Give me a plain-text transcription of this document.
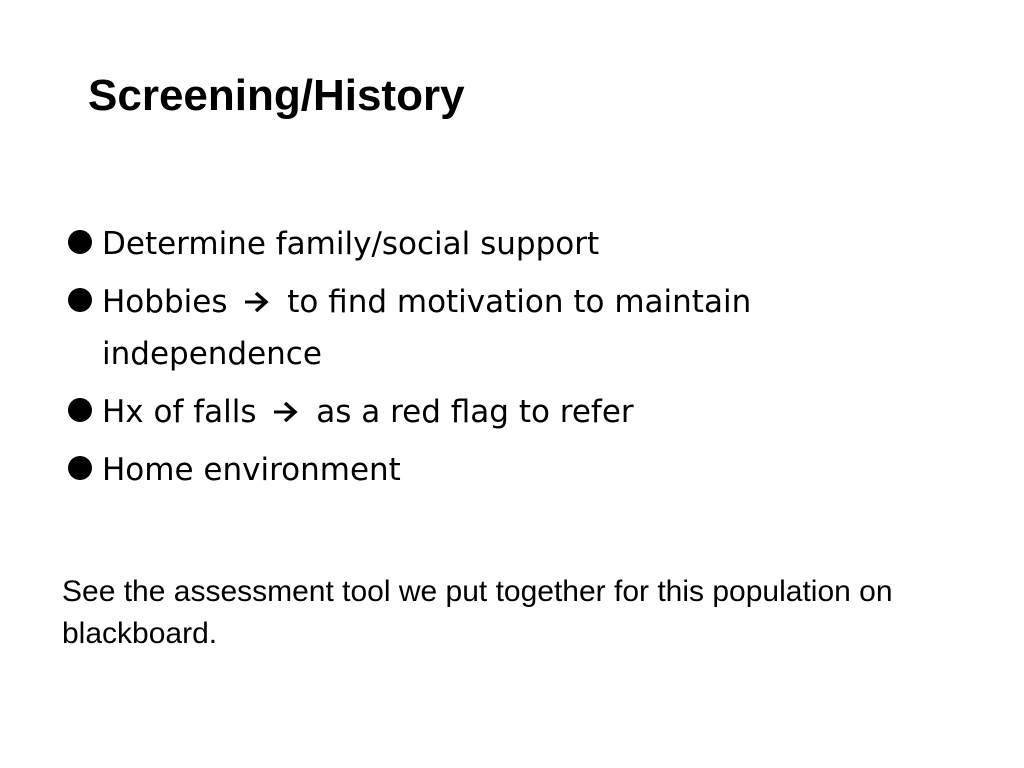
Screening/History
Determine family/social support
Hobbies to find motivation to maintain independence
Hx of falls as a red flag to refer
Home environment

See the assessment tool we put together for this population on blackboard.
